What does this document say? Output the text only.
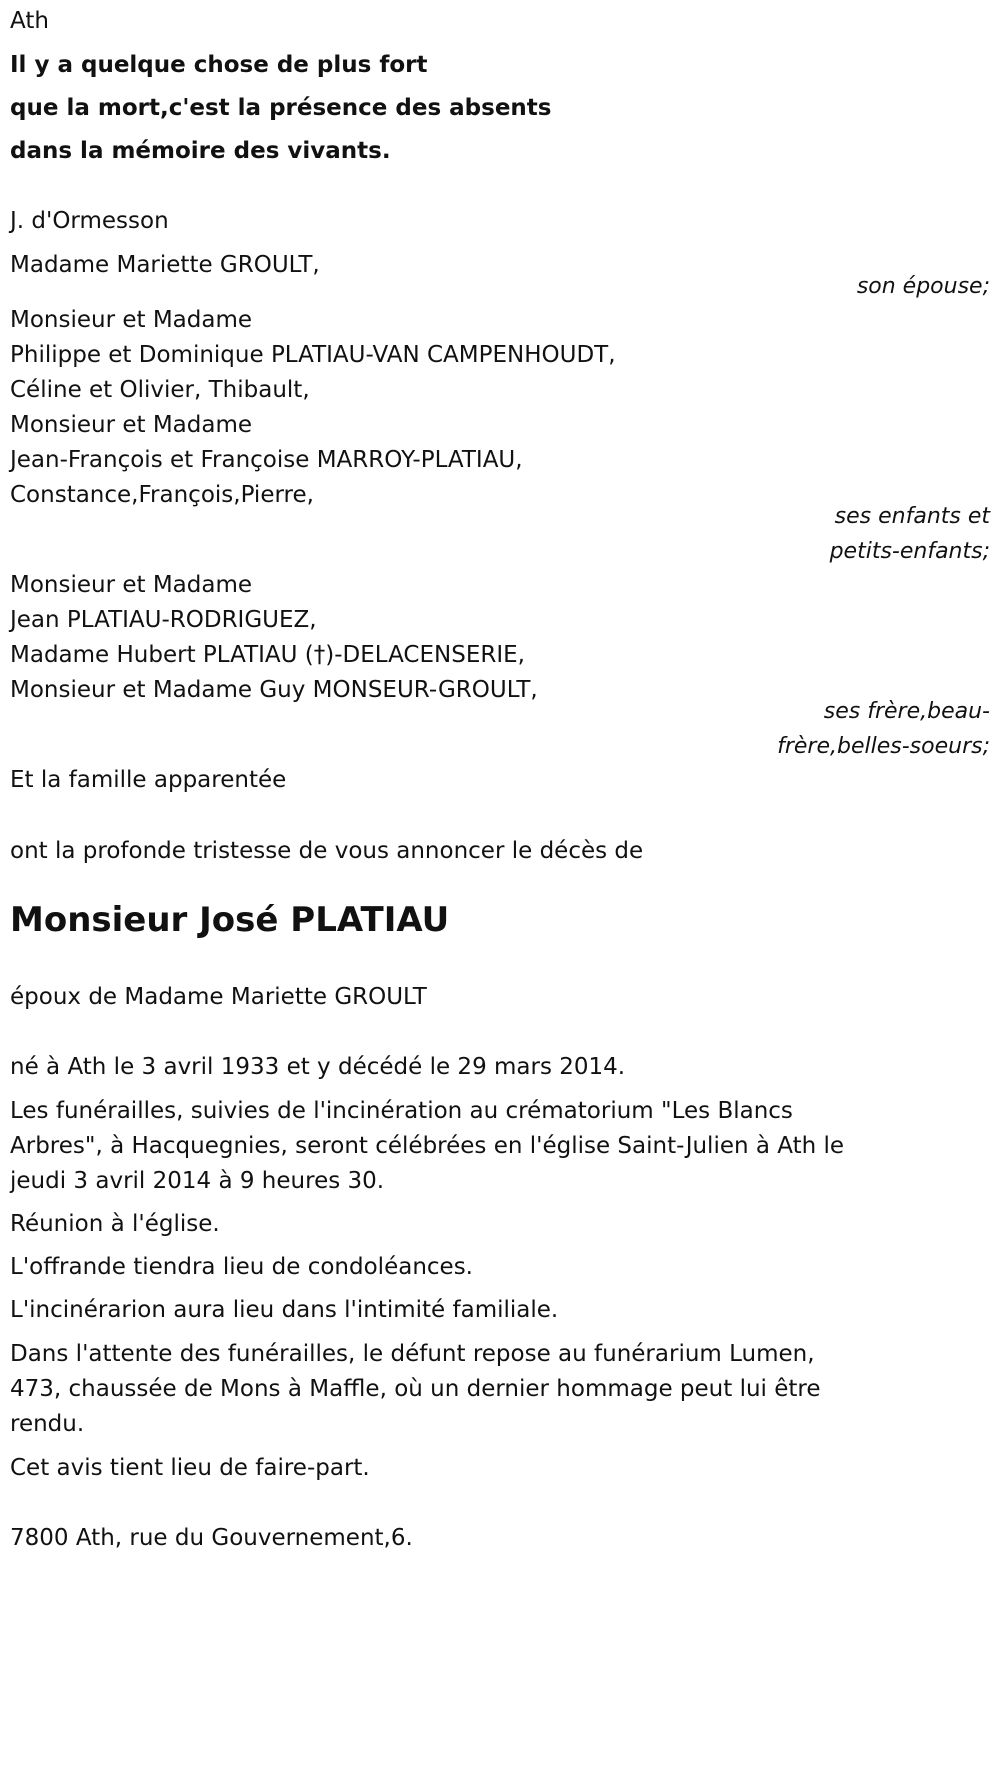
Ath
Il y a quelque chose de plus fort
que la mort,c'est la présence des absents
dans la mémoire des vivants.
J. d'Ormesson
Madame Mariette GROULT,
son épouse;
Monsieur et Madame
Philippe et Dominique PLATIAU-VAN CAMPENHOUDT,
Céline et Olivier, Thibault,
Monsieur et Madame
Jean-François et Françoise MARROY-PLATIAU,
Constance,François,Pierre,
ses enfants et
petits-enfants;
Monsieur et Madame
Jean PLATIAU-RODRIGUEZ,
Madame Hubert PLATIAU (†)-DELACENSERIE,
Monsieur et Madame Guy MONSEUR-GROULT,
ses frère,beau-
frère,belles-soeurs;
Et la famille apparentée
ont la profonde tristesse de vous annoncer le décès de
Monsieur José PLATIAU
époux de Madame Mariette GROULT
né à Ath le 3 avril 1933 et y décédé le 29 mars 2014.
Les funérailles, suivies de l'incinération au crématorium "Les Blancs
Arbres", à Hacquegnies, seront célébrées en l'église Saint-Julien à Ath le
jeudi 3 avril 2014 à 9 heures 30.
Réunion à l'église.
L'offrande tiendra lieu de condoléances.
L'incinérarion aura lieu dans l'intimité familiale.
Dans l'attente des funérailles, le défunt repose au funérarium Lumen,
473, chaussée de Mons à Maffle, où un dernier hommage peut lui être
rendu.
Cet avis tient lieu de faire-part.
7800 Ath, rue du Gouvernement,6.
